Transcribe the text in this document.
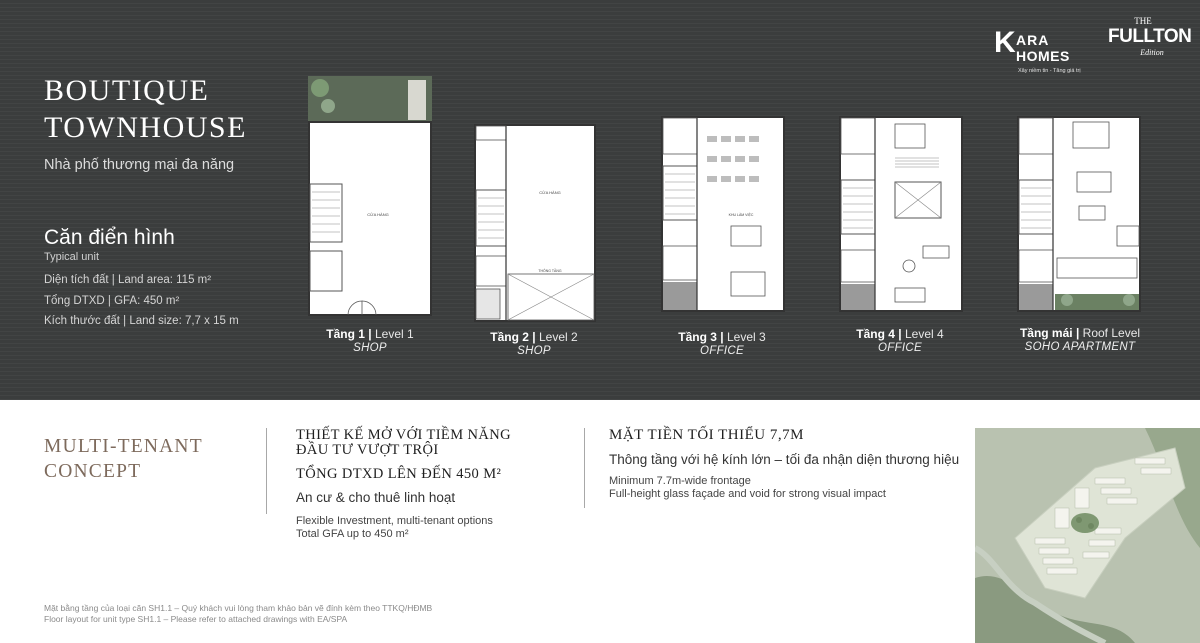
BOUTIQUE
TOWNHOUSE
Nhà phố thương mại đa năng
Căn điển hình
Typical unit
Diện tích đất | Land area: 115 m²
Tổng DTXD | GFA: 450 m²
Kích thước đất | Land size: 7,7 x 15 m
K ARA
HOMES
Xây niềm tin - Tăng giá trị
THE
FULLTON
Edition
CỬA HÀNG
Tầng 1 | Level 1
SHOP
CỬA HÀNG
THÔNG TẦNG
Tầng 2 | Level 2
SHOP
KHU LÀM VIỆC
Tầng 3 | Level 3
OFFICE
Tầng 4 | Level 4
OFFICE
Tầng mái | Roof Level
SOHO APARTMENT
MULTI-TENANT
CONCEPT
THIẾT KẾ MỞ VỚI TIỀM NĂNG
ĐẦU TƯ VƯỢT TRỘI
TỔNG DTXD LÊN ĐẾN 450 M²
An cư & cho thuê linh hoạt
Flexible Investment, multi-tenant options
Total GFA up to 450 m²
MẶT TIỀN TỐI THIỂU 7,7M
Thông tầng với hệ kính lớn – tối đa nhận diện thương hiệu
Minimum 7.7m-wide frontage
Full-height glass façade and void for strong visual impact
Mặt bằng tầng của loại căn SH1.1 – Quý khách vui lòng tham khảo bản vẽ đính kèm theo TTKQ/HĐMB
Floor layout for unit type SH1.1 – Please refer to attached drawings with EA/SPA
